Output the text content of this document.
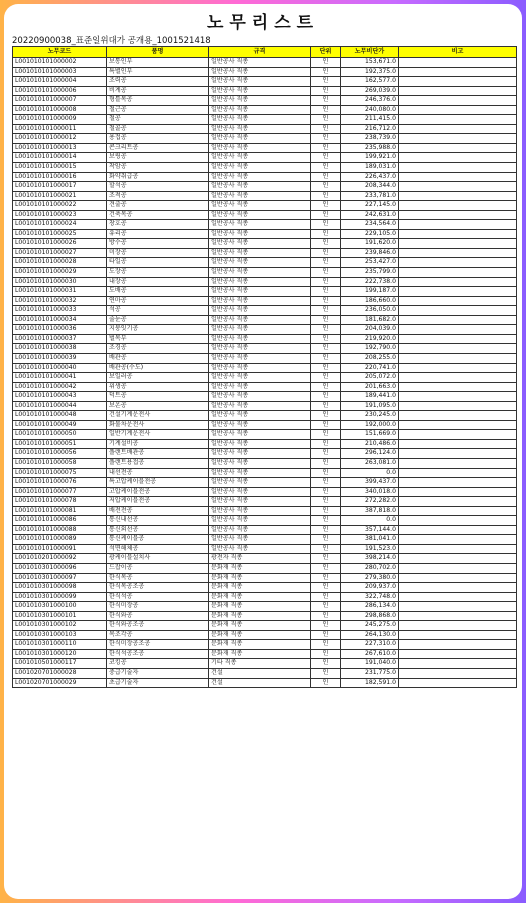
노무리스트
20220900038_표준일위대가 공개용_1001521418
노무코드	품명	규격	단위	노무비단가	비고
L001010101000002	보통인부	일반공사 직종	인	153,671.0	
L001010101000003	특별인부	일반공사 직종	인	192,375.0	
L001010101000004	조력공	일반공사 직종	인	162,577.0	
L001010101000006	비계공	일반공사 직종	인	269,039.0	
L001010101000007	형틀목공	일반공사 직종	인	246,376.0	
L001010101000008	철근공	일반공사 직종	인	240,080.0	
L001010101000009	철공	일반공사 직종	인	211,415.0	
L001010101000011	철골공	일반공사 직종	인	216,712.0	
L001010101000012	용접공	일반공사 직종	인	238,739.0	
L001010101000013	콘크리트공	일반공사 직종	인	235,988.0	
L001010101000014	보링공	일반공사 직종	인	199,921.0	
L001010101000015	착암공	일반공사 직종	인	189,031.0	
L001010101000016	화약취급공	일반공사 직종	인	226,437.0	
L001010101000017	할석공	일반공사 직종	인	208,344.0	
L001010101000021	조적공	일반공사 직종	인	233,781.0	
L001010101000022	견출공	일반공사 직종	인	227,145.0	
L001010101000023	건축목공	일반공사 직종	인	242,631.0	
L001010101000024	창호공	일반공사 직종	인	234,564.0	
L001010101000025	유리공	일반공사 직종	인	229,105.0	
L001010101000026	방수공	일반공사 직종	인	191,620.0	
L001010101000027	미장공	일반공사 직종	인	239,846.0	
L001010101000028	타일공	일반공사 직종	인	253,427.0	
L001010101000029	도장공	일반공사 직종	인	235,799.0	
L001010101000030	내장공	일반공사 직종	인	222,738.0	
L001010101000031	도배공	일반공사 직종	인	199,187.0	
L001010101000032	연마공	일반공사 직종	인	186,660.0	
L001010101000033	석공	일반공사 직종	인	236,050.0	
L001010101000034	줄눈공	일반공사 직종	인	181,682.0	
L001010101000036	지붕잇기공	일반공사 직종	인	204,039.0	
L001010101000037	벌목부	일반공사 직종	인	219,920.0	
L001010101000038	조경공	일반공사 직종	인	192,790.0	
L001010101000039	배관공	일반공사 직종	인	208,255.0	
L001010101000040	배관공(수도)	일반공사 직종	인	220,741.0	
L001010101000041	보일러공	일반공사 직종	인	205,072.0	
L001010101000042	위생공	일반공사 직종	인	201,663.0	
L001010101000043	덕트공	일반공사 직종	인	189,441.0	
L001010101000044	보온공	일반공사 직종	인	191,095.0	
L001010101000048	건설기계운전사	일반공사 직종	인	230,245.0	
L001010101000049	화물차운전사	일반공사 직종	인	192,000.0	
L001010101000050	일반기계운전사	일반공사 직종	인	151,669.0	
L001010101000051	기계설비공	일반공사 직종	인	210,486.0	
L001010101000056	플랜트배관공	일반공사 직종	인	296,124.0	
L001010101000058	플랜트용접공	일반공사 직종	인	263,081.0	
L001010101000075	내선전공	일반공사 직종	인	0.0	
L001010101000076	특고압케이블전공	일반공사 직종	인	399,437.0	
L001010101000077	고압케이블전공	일반공사 직종	인	340,018.0	
L001010101000078	저압케이블전공	일반공사 직종	인	272,282.0	
L001010101000081	배전전공	일반공사 직종	인	387,818.0	
L001010101000086	통신내선공	일반공사 직종	인	0.0	
L001010101000088	통신외선공	일반공사 직종	인	357,144.0	
L001010101000089	통신케이블공	일반공사 직종	인	381,041.0	
L001010101000091	석면해체공	일반공사 직종	인	191,523.0	
L001010201000092	광케이블설치사	광전자 직종	인	398,214.0	
L001010301000096	드잡이공	문화재 직종	인	280,702.0	
L001010301000097	한식목공	문화재 직종	인	279,380.0	
L001010301000098	한식목공조공	문화재 직종	인	209,937.0	
L001010301000099	한식석공	문화재 직종	인	322,748.0	
L001010301000100	한식미장공	문화재 직종	인	286,134.0	
L001010301000101	한식와공	문화재 직종	인	298,868.0	
L001010301000102	한식와공조공	문화재 직종	인	245,275.0	
L001010301000103	목조각공	문화재 직종	인	264,130.0	
L001010301000110	한식미장공조공	문화재 직종	인	227,310.0	
L001010301000120	한식석공조공	문화재 직종	인	267,610.0	
L001010501000117	코킹공	기타 직종	인	191,040.0	
L001020701000028	중급기술자	건설	인	231,775.0	
L001020701000029	초급기술자	건설	인	182,591.0	
